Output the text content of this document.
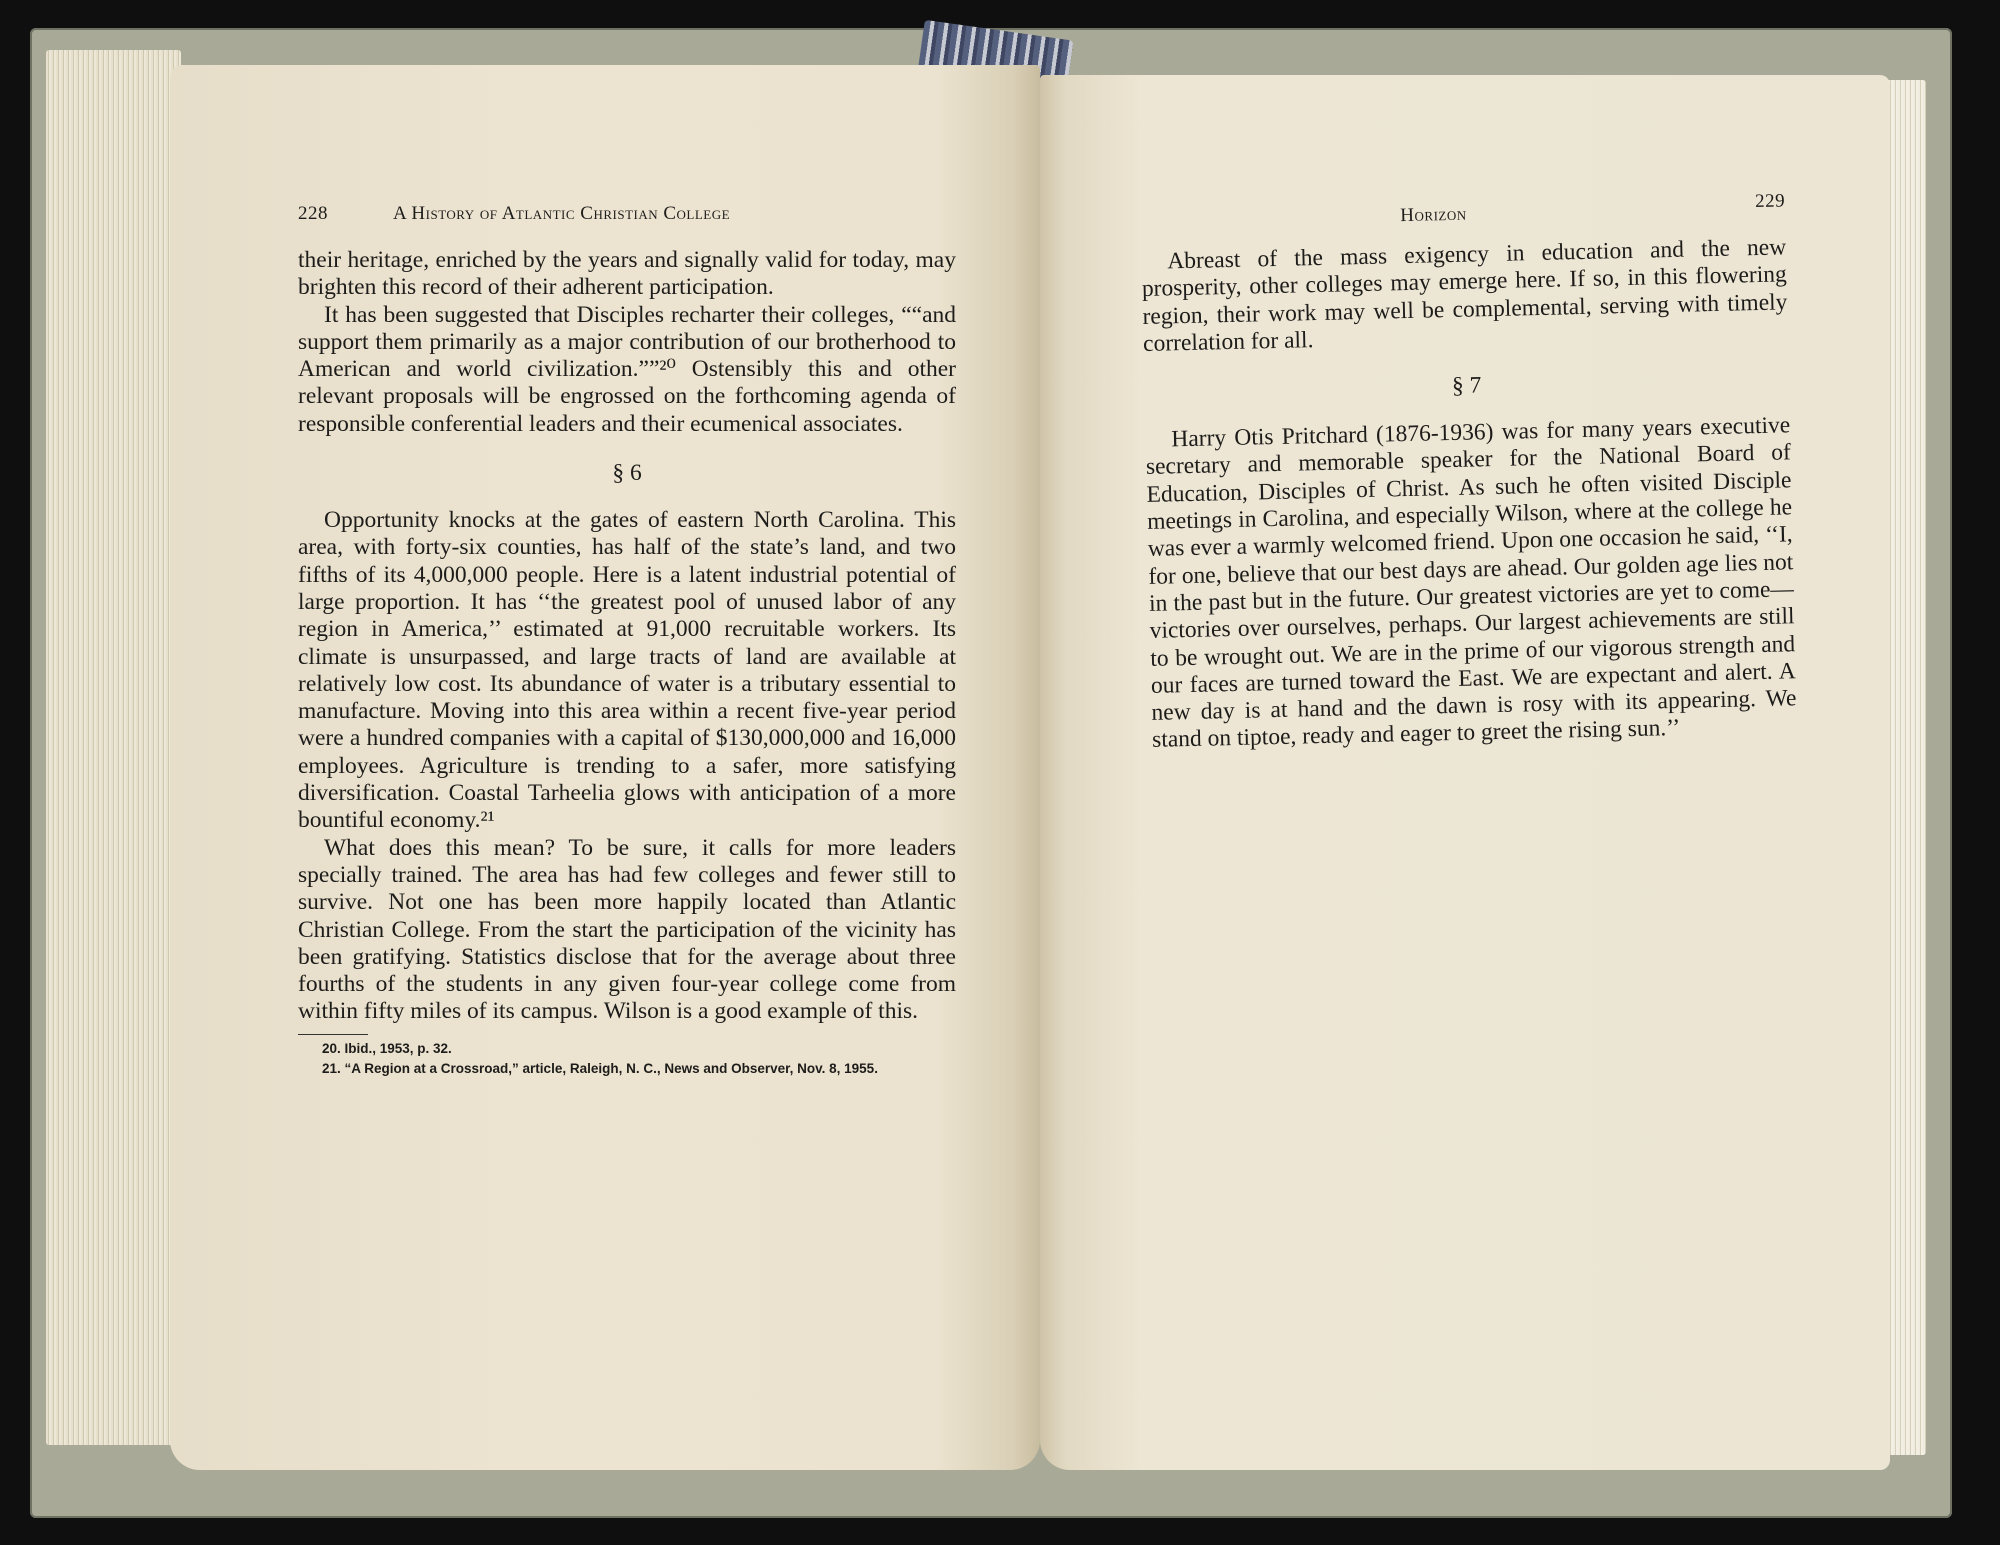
228	A History of Atlantic Christian College

their heritage, enriched by the years and signally valid for today, may brighten this record of their adherent participation.

It has been suggested that Disciples recharter their colleges, ““and support them primarily as a major contribution of our brotherhood to American and world civilization.””²⁰ Ostensibly this and other relevant proposals will be engrossed on the forthcoming agenda of responsible conferential leaders and their ecumenical associates.

§ 6

Opportunity knocks at the gates of eastern North Carolina. This area, with forty-six counties, has half of the state’s land, and two fifths of its 4,000,000 people. Here is a latent industrial potential of large proportion. It has ‘‘the greatest pool of unused labor of any region in America,’’ estimated at 91,000 recruitable workers. Its climate is unsurpassed, and large tracts of land are available at relatively low cost. Its abundance of water is a tributary essential to manufacture. Moving into this area within a recent five-year period were a hundred companies with a capital of $130,000,000 and 16,000 employees. Agriculture is trending to a safer, more satisfying diversification. Coastal Tarheelia glows with anticipation of a more bountiful economy.²¹

What does this mean? To be sure, it calls for more leaders specially trained. The area has had few colleges and fewer still to survive. Not one has been more happily located than Atlantic Christian College. From the start the participation of the vicinity has been gratifying. Statistics disclose that for the average about three fourths of the students in any given four-year college come from within fifty miles of its campus. Wilson is a good example of this.

20. Ibid., 1953, p. 32.

21. “A Region at a Crossroad,” article, Raleigh, N. C., News and Observer, Nov. 8, 1955.

Horizon
229

Abreast of the mass exigency in education and the new prosperity, other colleges may emerge here. If so, in this flowering region, their work may well be complemental, serving with timely correlation for all.

§ 7

Harry Otis Pritchard (1876-1936) was for many years executive secretary and memorable speaker for the National Board of Education, Disciples of Christ. As such he often visited Disciple meetings in Carolina, and especially Wilson, where at the college he was ever a warmly welcomed friend. Upon one occasion he said, ‘‘I, for one, believe that our best days are ahead. Our golden age lies not in the past but in the future. Our greatest victories are yet to come—victories over ourselves, perhaps. Our largest achievements are still to be wrought out. We are in the prime of our vigorous strength and our faces are turned toward the East. We are expectant and alert. A new day is at hand and the dawn is rosy with its appearing. We stand on tiptoe, ready and eager to greet the rising sun.’’
